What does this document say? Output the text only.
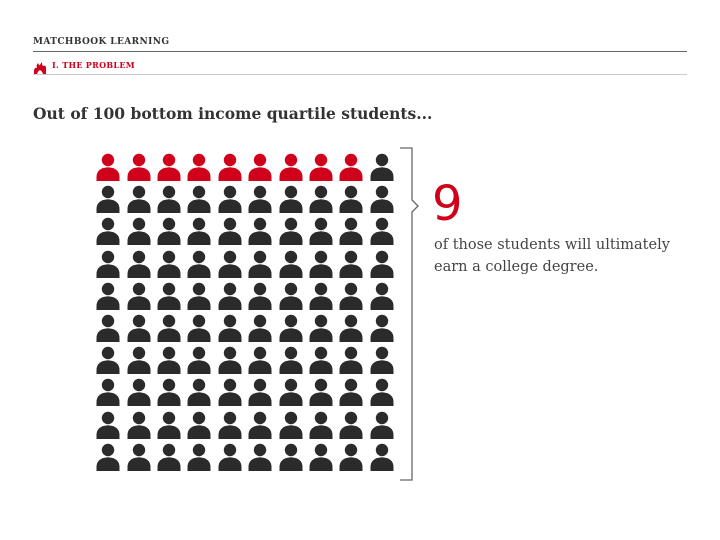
MATCHBOOK LEARNING
I. THE PROBLEM
Out of 100 bottom income quartile students...
9
of those students will ultimately earn a college degree.
